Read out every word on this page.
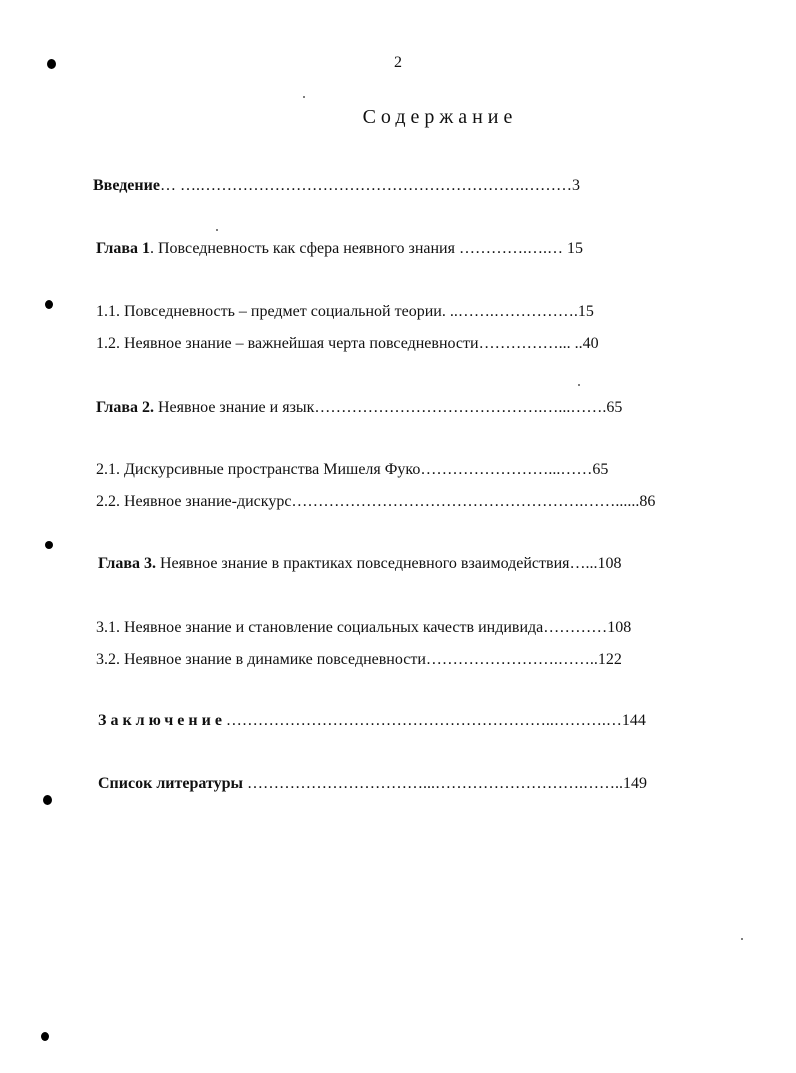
2
Содержание
Введение… ….…………………………………………………….………3
Глава 1. Повседневность как сфера неявного знания ………….….… 15
1.1. Повседневность – предмет социальной теории. ..…….…………….15
1.2. Неявное знание – важнейшая черта повседневности……………... ..40
Глава 2. Неявное знание и язык…………………………………….…...…….65
2.1. Дискурсивные пространства Мишеля Фуко……………………...……65
2.2. Неявное знание-дискурс……………………………………………….……......86
Глава 3. Неявное знание в практиках повседневного взаимодействия…...108
3.1. Неявное знание и становление социальных качеств индивида…………108
3.2. Неявное знание в динамике повседневности…………………….……..122
Заключение……………………………………………………..……….…144
Список литературы ……………………………...……………………….……..149
